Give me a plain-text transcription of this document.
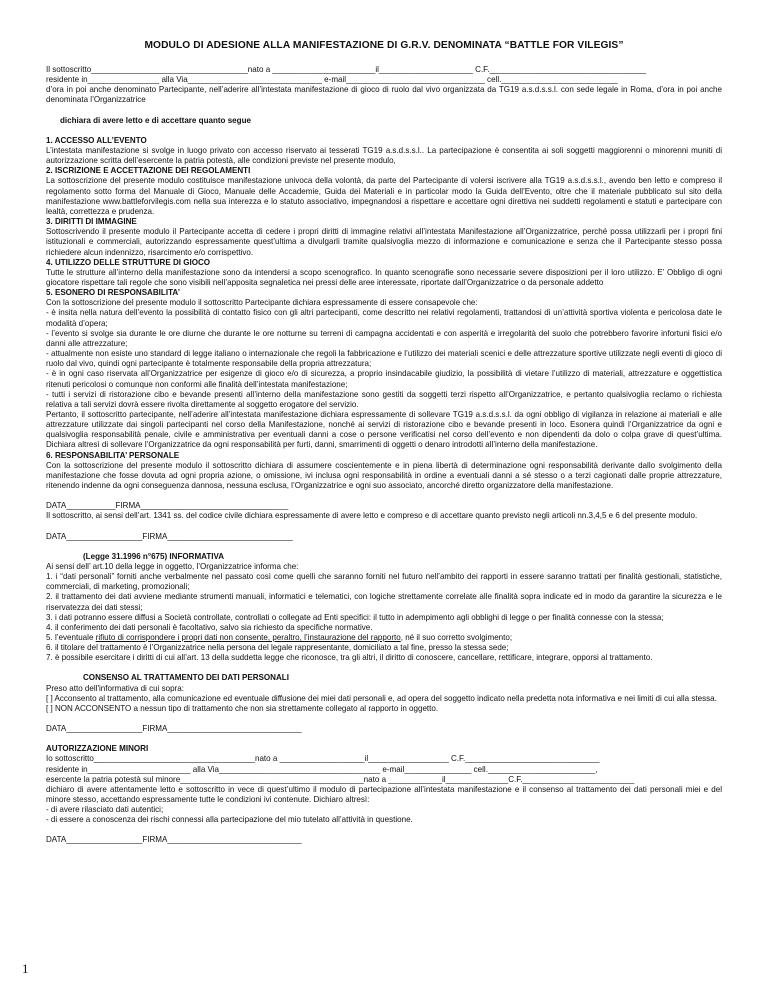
MODULO DI ADESIONE ALLA MANIFESTAZIONE DI G.R.V. DENOMINATA “BATTLE FOR VILEGIS”
Il sottoscritto___________________________________nato a _______________________il_____________________ C.F.___________________________________
residente in________________ alla Via______________________________ e-mail_______________________________ cell.__________________________

d’ora in poi anche denominato Partecipante, nell’aderire all’intestata manifestazione di gioco di ruolo dal vivo organizzata da TG19 a.s.d.s.s.l. con sede legale in Roma, d’ora in poi anche denominata l’Organizzatrice

dichiara di avere letto e di accettare quanto segue

1. ACCESSO ALL’EVENTO

L’intestata manifestazione si svolge in luogo privato con accesso riservato ai tesserati TG19 a.s.d.s.s.l.. La partecipazione è consentita ai soli soggetti maggiorenni o minorenni muniti di autorizzazione scritta dell’esercente la patria potestà, alle condizioni previste nel presente modulo,

2. ISCRIZIONE E ACCETTAZIONE DEI REGOLAMENTI

La sottoscrizione del presente modulo costituisce manifestazione univoca della volontà, da parte del Partecipante di volersi iscrivere alla TG19 a.s.d.s.s.l., avendo ben letto e compreso il regolamento sotto forma del Manuale di Gioco, Manuale delle Accademie, Guida dei Materiali e in particolar modo la Guida dell’Evento, oltre che il materiale pubblicato sul sito della manifestazione www.battleforvilegis.com nella sua interezza e lo statuto associativo, impegnandosi a rispettare e accettare ogni direttiva nei suddetti regolamenti e statuti e partecipare con lealtà, correttezza e prudenza.

3. DIRITTI DI IMMAGINE

Sottoscrivendo il presente modulo il Partecipante accetta di cedere i propri diritti di immagine relativi all’intestata Manifestazione all’Organizzatrice, perché possa utilizzarli per i propri fini istituzionali e commerciali, autorizzando espressamente quest’ultima a divulgarli tramite qualsivoglia mezzo di informazione e comunicazione e senza che il Partecipante stesso possa richiedere alcun indennizzo, risarcimento e/o corrispettivo.

4. UTILIZZO DELLE STRUTTURE DI GIOCO

Tutte le strutture all’interno della manifestazione sono da intendersi a scopo scenografico. In quanto scenografie sono necessarie severe disposizioni per il loro utilizzo. E’ Obbligo di ogni giocatore rispettare tali regole che sono visibili nell’apposita segnaletica nei pressi delle aree interessate, riportate dall’Organizzatrice o da personale addetto

5. ESONERO DI RESPONSABILITA’

Con la sottoscrizione del presente modulo il sottoscritto Partecipante dichiara espressamente di essere consapevole che:

- è insita nella natura dell’evento la possibilità di contatto fisico con gli altri partecipanti, come descritto nei relativi regolamenti, trattandosi di un’attività sportiva violenta e pericolosa date le modalità d’opera;

- l’evento si svolge sia durante le ore diurne che durante le ore notturne su terreni di campagna accidentati e con asperità e irregolarità del suolo che potrebbero favorire infortuni fisici e/o danni alle attrezzature;

- attualmente non esiste uno standard di legge italiano o internazionale che regoli la fabbricazione e l’utilizzo dei materiali scenici e delle attrezzature sportive utilizzate negli eventi di gioco di ruolo dal vivo, quindi ogni partecipante è totalmente responsabile della propria attrezzatura;

- è in ogni caso riservata all’Organizzatrice per esigenze di gioco e/o di sicurezza, a proprio insindacabile giudizio, la possibilità di vietare l’utilizzo di materiali, attrezzature e oggettistica ritenuti pericolosi o comunque non conformi alle finalità dell’intestata manifestazione;

- tutti i servizi di ristorazione cibo e bevande presenti all’interno della manifestazione sono gestiti da soggetti terzi rispetto all’Organizzatrice, e pertanto qualsivoglia reclamo o richiesta relativa a tali servizi dovrà essere rivolta direttamente al soggetto erogatore del servizio.

Pertanto, il sottoscritto partecipante, nell’aderire all’intestata manifestazione dichiara espressamente di sollevare TG19 a.s.d.s.s.l. da ogni obbligo di vigilanza in relazione ai materiali e alle attrezzature utilizzate dai singoli partecipanti nel corso della Manifestazione, nonché ai servizi di ristorazione cibo e bevande presenti in loco. Esonera quindi l’Organizzatrice da ogni e qualsivoglia responsabilità penale, civile e amministrativa per eventuali danni a cose o persone verificatisi nel corso dell’evento e non dipendenti da dolo o colpa grave di quest’ultima. Dichiara altresì di sollevare l’Organizzatrice da ogni responsabilità per furti, danni, smarrimenti di oggetti o denaro introdotti all’interno della manifestazione.

6. RESPONSABILITA’ PERSONALE

Con la sottoscrizione del presente modulo il sottoscritto dichiara di assumere coscientemente e in piena libertà di determinazione ogni responsabilità derivante dallo svolgimento della manifestazione che fosse dovuta ad ogni propria azione, o omissione, ivi inclusa ogni responsabilità in ordine a eventuali danni a sé stesso o a terzi cagionati dalle proprie attrezzature, ritenendo indenne da ogni conseguenza dannosa, nessuna esclusa, l’Organizzatrice e ogni suo associato, ancorché diretto organizzatore della manifestazione.

DATA___________FIRMA_________________________________

Il sottoscritto, ai sensi dell’art. 1341 ss. del codice civile dichiara espressamente di avere letto e compreso e di accettare quanto previsto negli articoli nn.3,4,5 e 6 del presente modulo.

DATA_________________FIRMA____________________________
(Legge 31.1996 n°675) INFORMATIVA

Ai sensi dell’ art.10 della legge in oggetto, l’Organizzatrice informa che:

1. i “dati personali” forniti anche verbalmente nel passato così come quelli che saranno forniti nel futuro nell’ambito dei rapporti in essere saranno trattati per finalità gestionali, statistiche, commerciali, di marketing, promozionali;

2. il trattamento dei dati avviene mediante strumenti manuali, informatici e telematici, con logiche strettamente correlate alle finalità sopra indicate ed in modo da garantire la sicurezza e le riservatezza dei dati stessi;

3. i dati potranno essere diffusi a Società controllate, controllati o collegate ad Enti specifici: il tutto in adempimento agli obblighi di legge o per finalità connesse con la stessa;

4. il conferimento dei dati personali è facoltativo, salvo sia richiesto da specifiche normative.

5. l’eventuale rifiuto di corrispondere i propri dati non consente, peraltro, l’instaurazione del rapporto, né il suo corretto svolgimento;

6. il titolare del trattamento è l’Organizzatrice nella persona del legale rappresentante, domiciliato a tal fine, presso la stessa sede;

7. è possibile esercitare i diritti di cui all’art. 13 della suddetta legge che riconosce, tra gli altri, il diritto di conoscere, cancellare, rettificare, integrare, opporsi al trattamento.

CONSENSO AL TRATTAMENTO DEI DATI PERSONALI

Preso atto dell'informativa di cui sopra:

[ ] Acconsento al trattamento, alla comunicazione ed eventuale diffusione dei miei dati personali e, ad opera del soggetto indicato nella predetta nota informativa e nei limiti di cui alla stessa.

[ ] NON ACCONSENTO a nessun tipo di trattamento che non sia strettamente collegato al rapporto in oggetto.

DATA_________________FIRMA______________________________
AUTORIZZAZIONE MINORI
Io sottoscritto____________________________________nato a ___________________il__________________ C.F.______________________________
residente in_______________________ alla Via____________________________________ e-mail_______________ cell.________________________,
esercente la patria potestà sul minore_________________________________________nato a ____________il______________C.F._________________________

dichiaro di avere attentamente letto e sottoscritto in vece di quest’ultimo il modulo di partecipazione all’intestata manifestazione e il consenso al trattamento dei dati personali miei e del minore stesso, accettando espressamente tutte le condizioni ivi contenute. Dichiaro altresì:

- di avere rilasciato dati autentici;

- di essere a conoscenza dei rischi connessi alla partecipazione del mio tutelato all’attività in questione.

DATA_________________FIRMA______________________________
1
